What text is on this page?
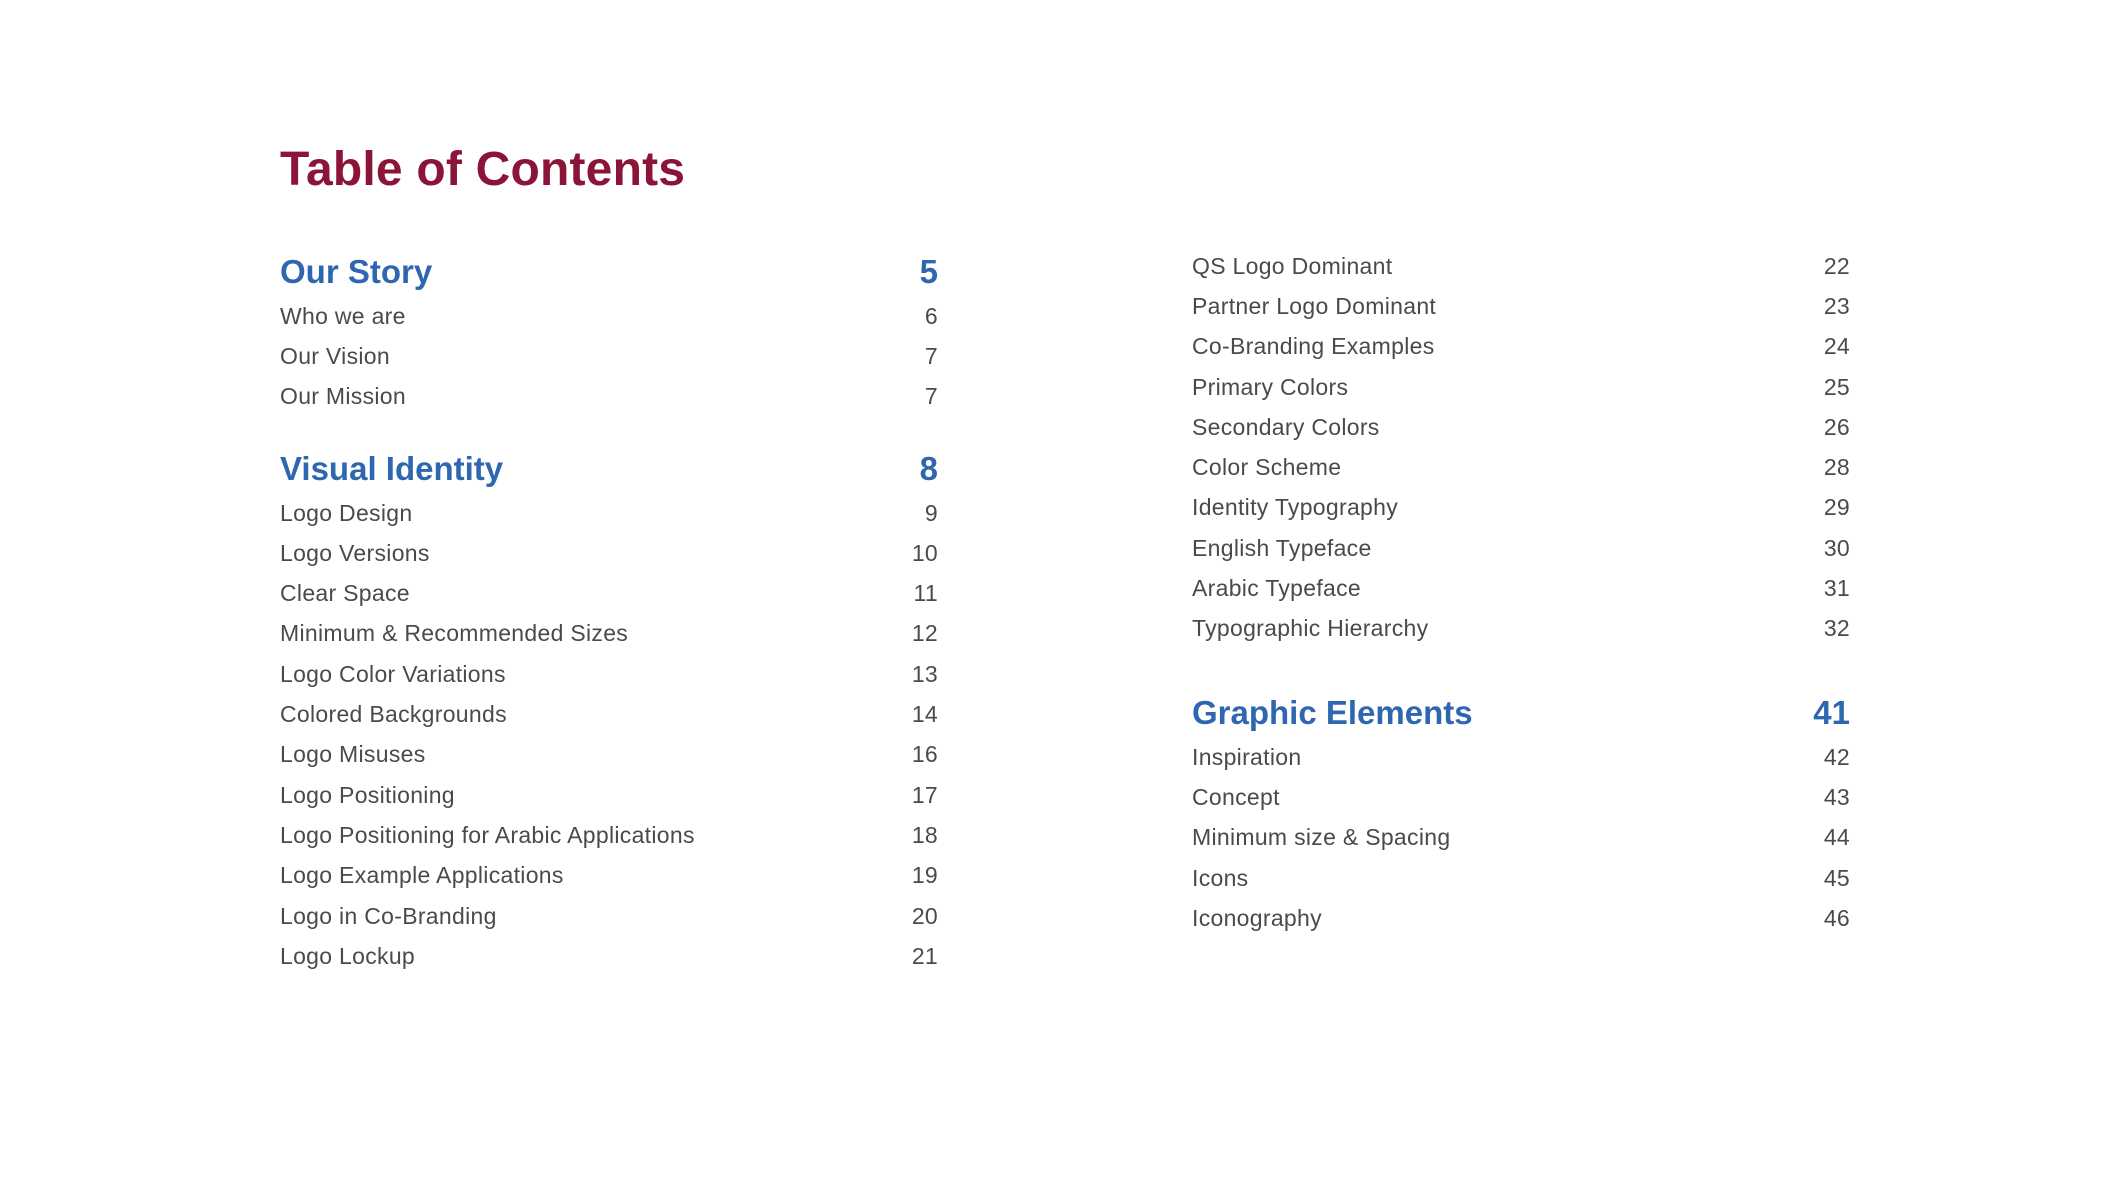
Table of Contents
Our Story	5
Who we are	6
Our Vision	7
Our Mission	7
Visual Identity	8
Logo Design	9
Logo Versions	10
Clear Space	11
Minimum & Recommended Sizes	12
Logo Color Variations	13
Colored Backgrounds	14
Logo Misuses	16
Logo Positioning	17
Logo Positioning for Arabic Applications	18
Logo Example Applications	19
Logo in Co-Branding	20
Logo Lockup	21
QS Logo Dominant	22
Partner Logo Dominant	23
Co-Branding Examples	24
Primary Colors	25
Secondary Colors	26
Color Scheme	28
Identity Typography	29
English Typeface	30
Arabic Typeface	31
Typographic Hierarchy	32
Graphic Elements	41
Inspiration	42
Concept	43
Minimum size & Spacing	44
Icons	45
Iconography	46
